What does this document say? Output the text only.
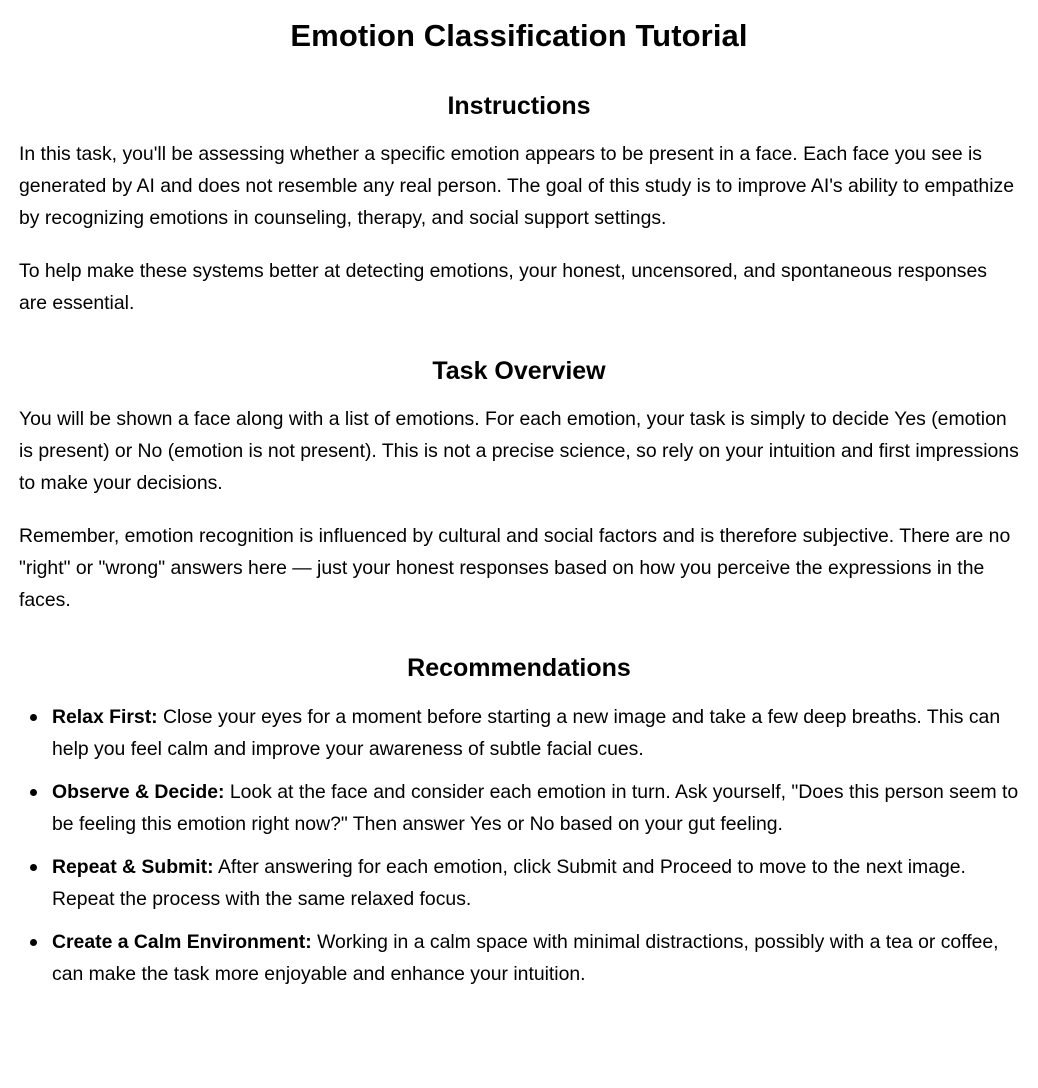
Emotion Classification Tutorial
Instructions

In this task, you'll be assessing whether a specific emotion appears to be present in a face. Each face you see is generated by AI and does not resemble any real person. The goal of this study is to improve AI's ability to empathize by recognizing emotions in counseling, therapy, and social support settings.

To help make these systems better at detecting emotions, your honest, uncensored, and spontaneous responses are essential.

Task Overview

You will be shown a face along with a list of emotions. For each emotion, your task is simply to decide Yes (emotion is present) or No (emotion is not present). This is not a precise science, so rely on your intuition and first impressions to make your decisions.

Remember, emotion recognition is influenced by cultural and social factors and is therefore subjective. There are no "right" or "wrong" answers here — just your honest responses based on how you perceive the expressions in the faces.

Recommendations
Relax First: Close your eyes for a moment before starting a new image and take a few deep breaths. This can help you feel calm and improve your awareness of subtle facial cues.
Observe & Decide: Look at the face and consider each emotion in turn. Ask yourself, "Does this person seem to be feeling this emotion right now?" Then answer Yes or No based on your gut feeling.
Repeat & Submit: After answering for each emotion, click Submit and Proceed to move to the next image. Repeat the process with the same relaxed focus.
Create a Calm Environment: Working in a calm space with minimal distractions, possibly with a tea or coffee, can make the task more enjoyable and enhance your intuition.
